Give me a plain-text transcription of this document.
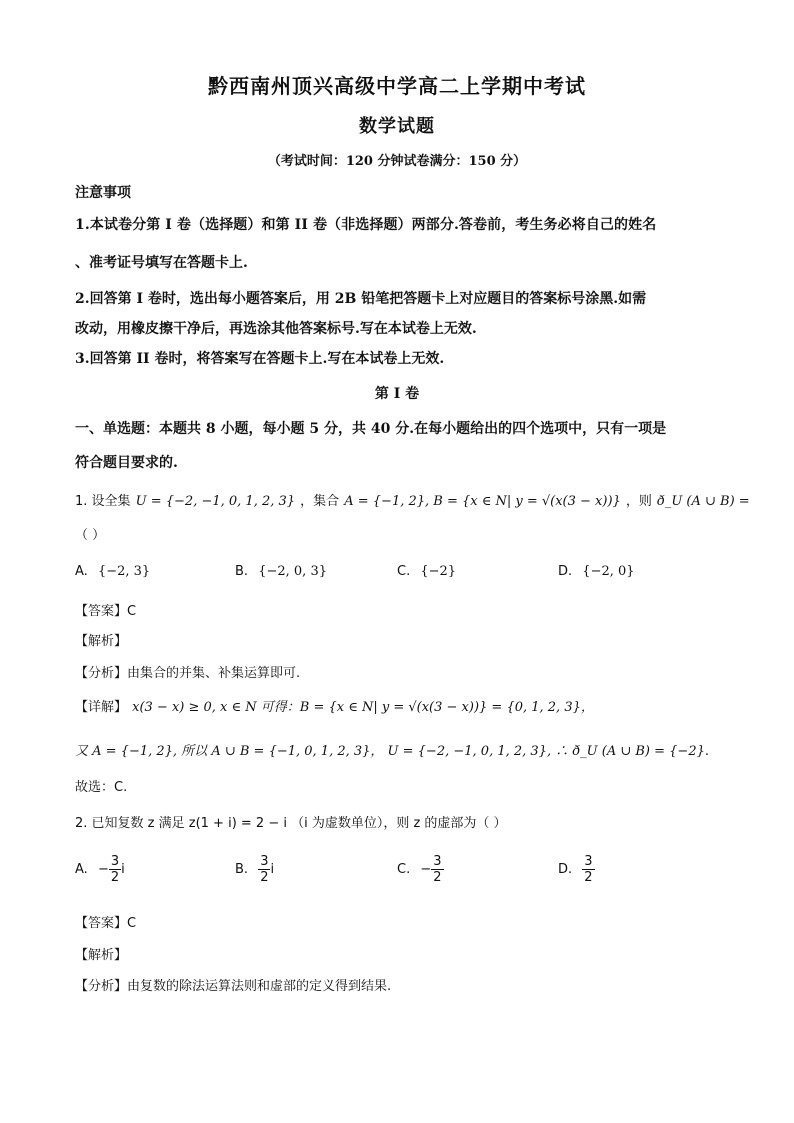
黔西南州顶兴高级中学高二上学期中考试
数学试题
（考试时间：120 分钟试卷满分：150 分）
注意事项
1.本试卷分第 I 卷（选择题）和第 II 卷（非选择题）两部分.答卷前，考生务必将自己的姓名
、准考证号填写在答题卡上.
2.回答第 I 卷时，选出每小题答案后，用 2B 铅笔把答题卡上对应题目的答案标号涂黑.如需
改动，用橡皮擦干净后，再选涂其他答案标号.写在本试卷上无效.
3.回答第 II 卷时，将答案写在答题卡上.写在本试卷上无效.
第 I 卷
一、单选题：本题共 8 小题，每小题 5 分，共 40 分.在每小题给出的四个选项中，只有一项是
符合题目要求的.
1. 设全集 U = {−2, −1, 0, 1, 2, 3} ，集合 A = {−1, 2}, B = {x ∈ N| y = √(x(3 − x))} ，则 ð_U (A ∪ B) =
（ ）
A. {−2, 3}	B. {−2, 0, 3}	C. {−2}	D. {−2, 0}
【答案】C
【解析】
【分析】由集合的并集、补集运算即可.
【详解】 x(3 − x) ≥ 0, x ∈ N 可得：B = {x ∈ N| y = √(x(3 − x))} = {0, 1, 2, 3}，
又 A = {−1, 2}, 所以 A ∪ B = {−1, 0, 1, 2, 3}， U = {−2, −1, 0, 1, 2, 3}, ∴ ð_U (A ∪ B) = {−2}.
故选：C.
2. 已知复数 z 满足 z(1 + i) = 2 − i （i 为虚数单位），则 z 的虚部为（ ）
A. − $\frac{3}{2}$ i	B. $\frac{3}{2}$ i	C. − $\frac{3}{2}$	D. $\frac{3}{2}$
【答案】C
【解析】
【分析】由复数的除法运算法则和虚部的定义得到结果.
